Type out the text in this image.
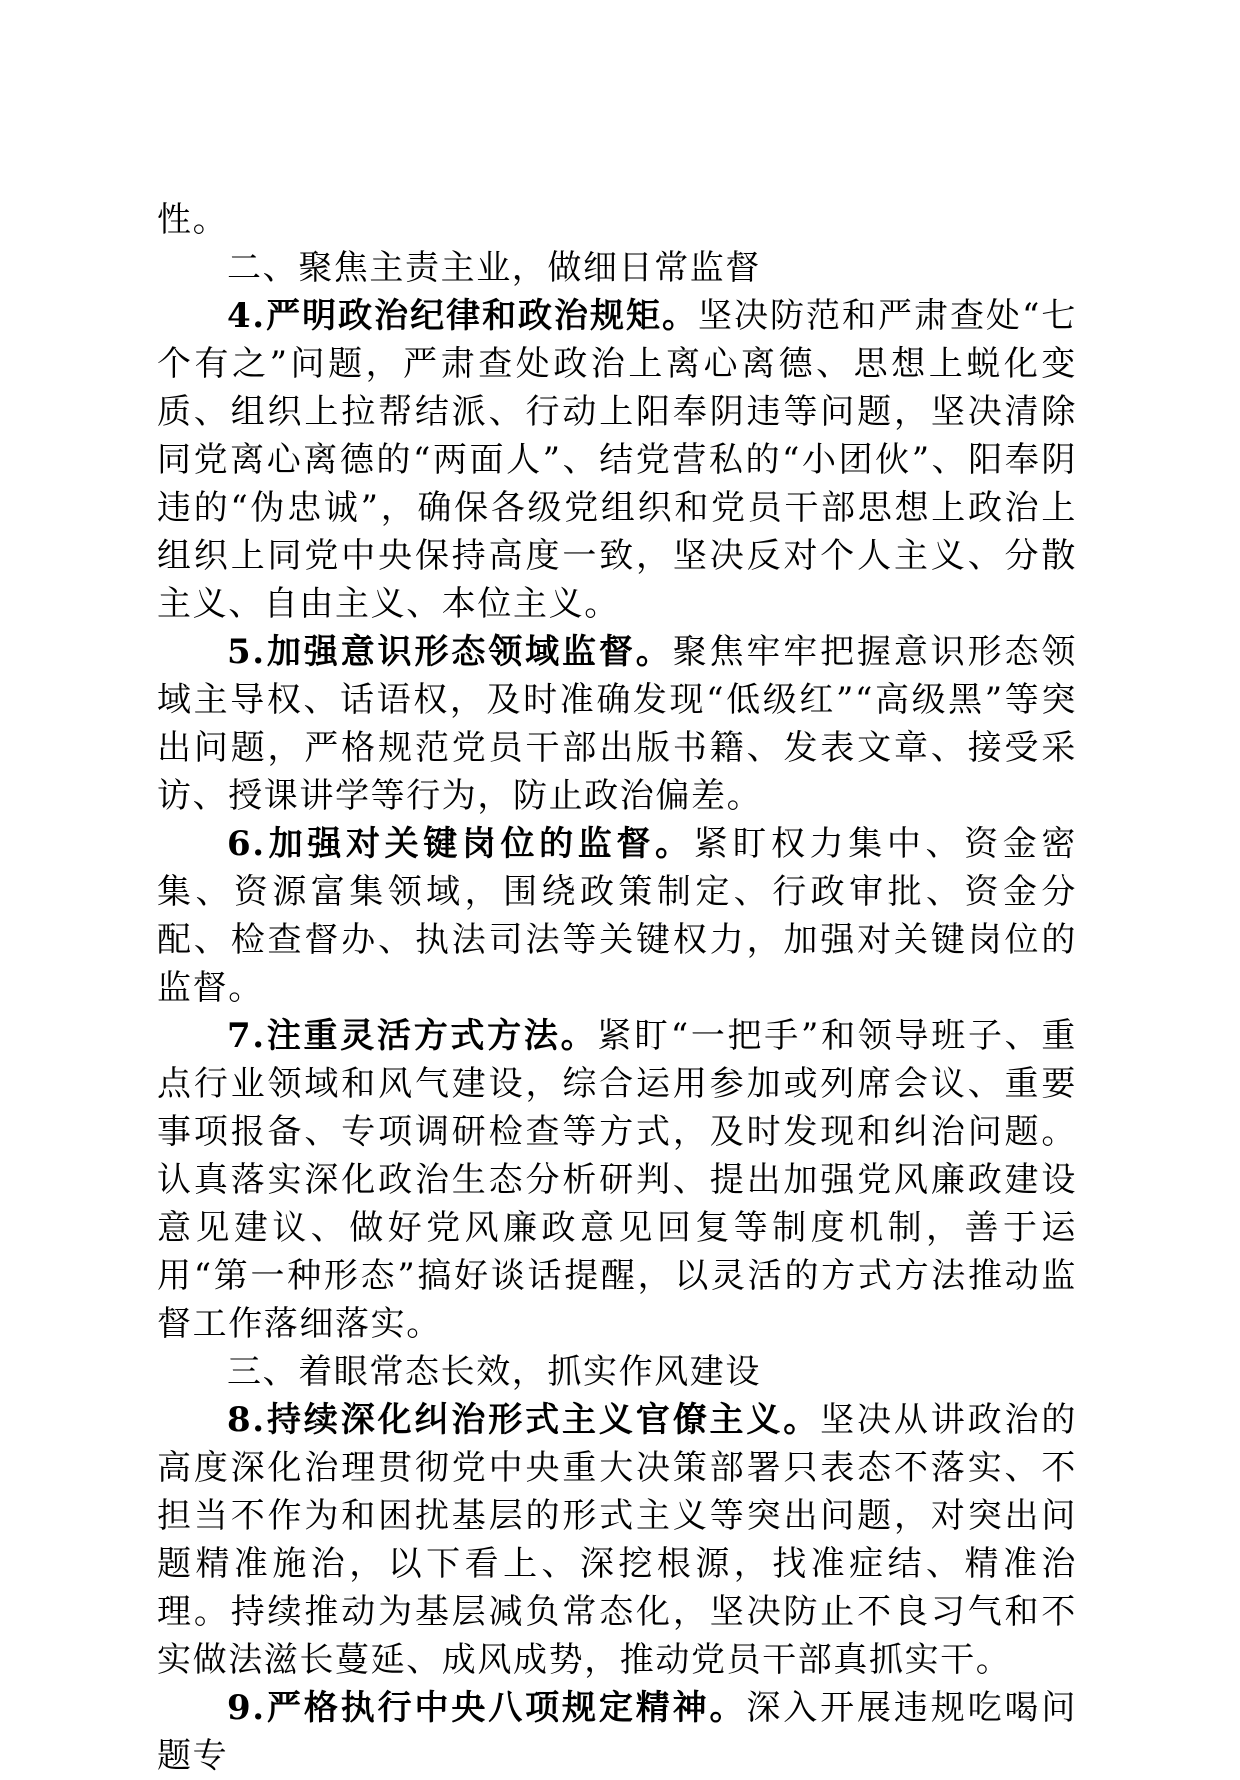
性。

二、聚焦主责主业，做细日常监督

4.严明政治纪律和政治规矩。坚决防范和严肃查处“七个有之”问题，严肃查处政治上离心离德、思想上蜕化变质、组织上拉帮结派、行动上阳奉阴违等问题，坚决清除同党离心离德的“两面人”、结党营私的“小团伙”、阳奉阴违的“伪忠诚”，确保各级党组织和党员干部思想上政治上组织上同党中央保持高度一致，坚决反对个人主义、分散主义、自由主义、本位主义。

5.加强意识形态领域监督。聚焦牢牢把握意识形态领域主导权、话语权，及时准确发现“低级红”“高级黑”等突出问题，严格规范党员干部出版书籍、发表文章、接受采访、授课讲学等行为，防止政治偏差。

6.加强对关键岗位的监督。紧盯权力集中、资金密集、资源富集领域，围绕政策制定、行政审批、资金分配、检查督办、执法司法等关键权力，加强对关键岗位的监督。

7.注重灵活方式方法。紧盯“一把手”和领导班子、重点行业领域和风气建设，综合运用参加或列席会议、重要事项报备、专项调研检查等方式，及时发现和纠治问题。认真落实深化政治生态分析研判、提出加强党风廉政建设意见建议、做好党风廉政意见回复等制度机制，善于运用“第一种形态”搞好谈话提醒，以灵活的方式方法推动监督工作落细落实。

三、着眼常态长效，抓实作风建设

8.持续深化纠治形式主义官僚主义。坚决从讲政治的高度深化治理贯彻党中央重大决策部署只表态不落实、不担当不作为和困扰基层的形式主义等突出问题，对突出问题精准施治，以下看上、深挖根源，找准症结、精准治理。持续推动为基层减负常态化，坚决防止不良习气和不实做法滋长蔓延、成风成势，推动党员干部真抓实干。

9.严格执行中央八项规定精神。深入开展违规吃喝问题专
